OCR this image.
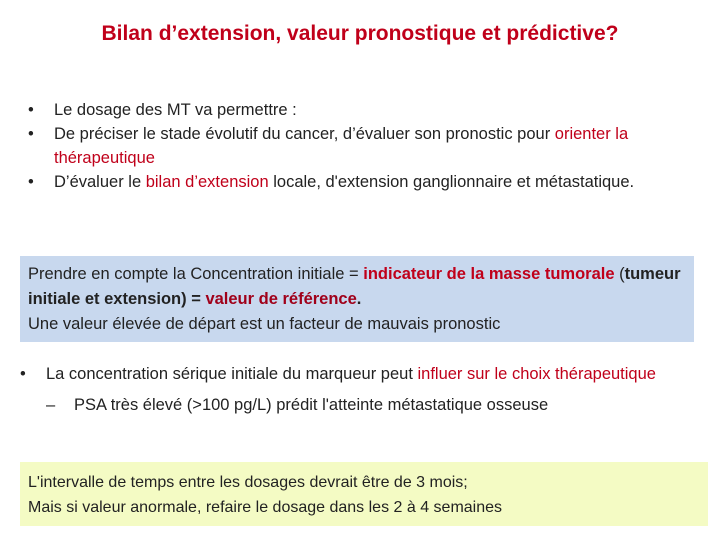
Bilan d’extension, valeur pronostique et prédictive?
• Le dosage des MT va permettre :
• De préciser le stade évolutif du cancer, d’évaluer son pronostic pour orienter la thérapeutique
• D’évaluer le bilan d’extension locale, d'extension ganglionnaire et métastatique.
Prendre en compte la Concentration initiale = indicateur de la masse tumorale (tumeur initiale et extension) = valeur de référence.
Une valeur élevée de départ est un facteur de mauvais pronostic
• La concentration sérique initiale du marqueur peut influer sur le choix thérapeutique
– PSA très élevé (>100 pg/L) prédit l'atteinte métastatique osseuse
L'intervalle de temps entre les dosages devrait être de 3 mois;
Mais si valeur anormale, refaire le dosage dans les 2 à 4 semaines
